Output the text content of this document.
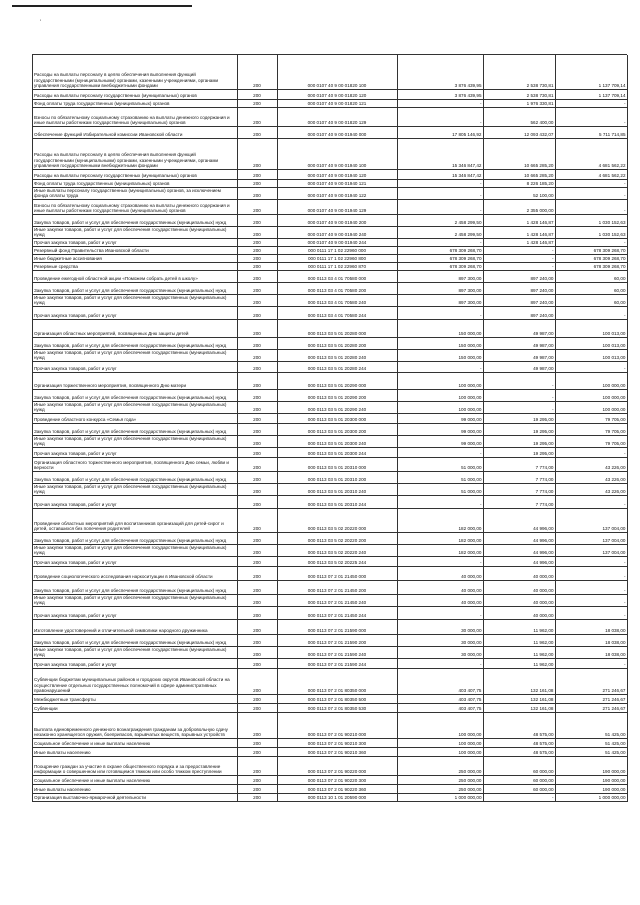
'
Расходы на выплаты персоналу в целях обеспечения выполнения функций государственными (муниципальными) органами, казенными учреждениями, органами управления государственными внебюджетными фондами	200	000 0107 40 9 00 01820 100	3 876 439,95	2 538 730,81	1 137 709,14
Расходы на выплаты персоналу государственных (муниципальных) органов	200	000 0107 40 9 00 01820 120	3 876 439,95	2 538 730,81	1 137 709,14
Фонд оплаты труда государственных (муниципальных) органов	200	000 0107 40 9 00 01820 121	-	1 976 330,81	-
Взносы по обязательному социальному страхованию на выплаты денежного содержания и иные выплаты работникам государственных (муниципальных) органов	200	000 0107 40 9 00 01820 129	-	562 400,00	-
Обеспечение функций Избирательной комиссии Ивановской области	200	000 0107 40 9 00 01940 000	17 805 146,92	12 093 432,07	5 711 714,85
Расходы на выплаты персоналу в целях обеспечения выполнения функций государственными (муниципальными) органами, казенными учреждениями, органами управления государственными внебюджетными фондами	200	000 0107 40 9 00 01940 100	15 346 847,42	10 665 285,20	4 681 562,22
Расходы на выплаты персоналу государственных (муниципальных) органов	200	000 0107 40 9 00 01940 120	15 346 847,42	10 665 285,20	4 681 562,22
Фонд оплаты труда государственных (муниципальных) органов	200	000 0107 40 9 00 01940 121	-	8 226 185,20	-
Иные выплаты персоналу государственных (муниципальных) органов, за исключением фонда оплаты труда	200	000 0107 40 9 00 01940 122	-	52 100,00	-
Взносы по обязательному социальному страхованию на выплаты денежного содержания и иные выплаты работникам государственных (муниципальных) органов	200	000 0107 40 9 00 01940 129	-	2 355 000,00	-
Закупка товаров, работ и услуг для обеспечения государственных (муниципальных) нужд	200	000 0107 40 9 00 01940 200	2 458 299,50	1 428 146,87	1 030 152,63
Иные закупки товаров, работ и услуг для обеспечения государственных (муниципальных) нужд	200	000 0107 40 9 00 01940 240	2 458 299,50	1 428 146,87	1 030 152,63
Прочая закупка товаров, работ и услуг	200	000 0107 40 9 00 01940 244	-	1 428 146,87	-
Резервный фонд Правительства Ивановской области	200	000 0111 17 1 02 22960 000	678 309 268,70	-	678 309 268,70
Иные бюджетные ассигнования	200	000 0111 17 1 02 22960 800	678 309 268,70	-	678 309 268,70
Резервные средства	200	000 0111 17 1 02 22960 870	678 309 268,70	-	678 309 268,70
Проведение ежегодной областной акции «Поможем собрать детей в школу»	200	000 0113 03 4 01 70580 000	897 300,00	897 240,00	60,00
Закупка товаров, работ и услуг для обеспечения государственных (муниципальных) нужд	200	000 0113 03 4 01 70580 200	897 300,00	897 240,00	60,00
Иные закупки товаров, работ и услуг для обеспечения государственных (муниципальных) нужд	200	000 0113 03 4 01 70580 240	897 300,00	897 240,00	60,00
Прочая закупка товаров, работ и услуг	200	000 0113 03 4 01 70580 244	-	897 240,00	-
Организация областных мероприятий, посвященных Дню защиты детей	200	000 0113 03 5 01 20280 000	150 000,00	49 987,00	100 013,00
Закупка товаров, работ и услуг для обеспечения государственных (муниципальных) нужд	200	000 0113 03 5 01 20280 200	150 000,00	49 987,00	100 013,00
Иные закупки товаров, работ и услуг для обеспечения государственных (муниципальных) нужд	200	000 0113 03 5 01 20280 240	150 000,00	49 987,00	100 013,00
Прочая закупка товаров, работ и услуг	200	000 0113 03 5 01 20280 244	-	49 987,00	-
Организация торжественного мероприятия, посвященного Дню матери	200	000 0113 03 5 01 20290 000	100 000,00	-	100 000,00
Закупка товаров, работ и услуг для обеспечения государственных (муниципальных) нужд	200	000 0113 03 5 01 20290 200	100 000,00	-	100 000,00
Иные закупки товаров, работ и услуг для обеспечения государственных (муниципальных) нужд	200	000 0113 03 5 01 20290 240	100 000,00	-	100 000,00
Проведение областного конкурса «Семья года»	200	000 0113 03 5 01 20300 000	99 000,00	19 295,00	79 705,00
Закупка товаров, работ и услуг для обеспечения государственных (муниципальных) нужд	200	000 0113 03 5 01 20300 200	99 000,00	19 295,00	79 705,00
Иные закупки товаров, работ и услуг для обеспечения государственных (муниципальных) нужд	200	000 0113 03 5 01 20300 240	99 000,00	19 295,00	79 705,00
Прочая закупка товаров, работ и услуг	200	000 0113 03 5 01 20300 244	-	19 295,00	-
Организация областного торжественного мероприятия, посвященного Дню семьи, любви и верности	200	000 0113 03 5 01 20310 000	51 000,00	7 774,00	43 226,00
Закупка товаров, работ и услуг для обеспечения государственных (муниципальных) нужд	200	000 0113 03 5 01 20310 200	51 000,00	7 774,00	43 226,00
Иные закупки товаров, работ и услуг для обеспечения государственных (муниципальных) нужд	200	000 0113 03 5 01 20310 240	51 000,00	7 774,00	43 226,00
Прочая закупка товаров, работ и услуг	200	000 0113 03 5 01 20310 244	-	7 774,00	-
Проведение областных мероприятий для воспитанников организаций для детей-сирот и детей, оставшихся без попечения родителей	200	000 0113 03 5 02 20220 000	182 000,00	44 996,00	137 004,00
Закупка товаров, работ и услуг для обеспечения государственных (муниципальных) нужд	200	000 0113 03 5 02 20220 200	182 000,00	44 996,00	137 004,00
Иные закупки товаров, работ и услуг для обеспечения государственных (муниципальных) нужд	200	000 0113 03 5 02 20220 240	182 000,00	44 996,00	137 004,00
Прочая закупка товаров, работ и услуг	200	000 0113 03 5 02 20225 244	-	44 996,00	-
Проведение социологического исследования наркоситуации в Ивановской области	200	000 0113 07 2 01 21450 000	40 000,00	40 000,00	-
Закупка товаров, работ и услуг для обеспечения государственных (муниципальных) нужд	200	000 0113 07 2 01 21450 200	40 000,00	40 000,00	-
Иные закупки товаров, работ и услуг для обеспечения государственных (муниципальных) нужд	200	000 0113 07 2 01 21450 240	40 000,00	40 000,00	-
Прочая закупка товаров, работ и услуг	200	000 0113 07 2 01 21450 244	-	40 000,00	-
Изготовление удостоверений и отличительной символики народного дружинника	200	000 0113 07 2 01 21590 000	30 000,00	11 962,00	18 038,00
Закупка товаров, работ и услуг для обеспечения государственных (муниципальных) нужд	200	000 0113 07 2 01 21590 200	30 000,00	11 962,00	18 038,00
Иные закупки товаров, работ и услуг для обеспечения государственных (муниципальных) нужд	200	000 0113 07 2 01 21590 240	30 000,00	11 962,00	18 038,00
Прочая закупка товаров, работ и услуг	200	000 0113 07 2 01 21590 244	-	11 962,00	-
Субвенции бюджетам муниципальных районов и городских округов Ивановской области на осуществление отдельных государственных полномочий в сфере административных правонарушений	200	000 0113 07 2 01 80350 000	403 407,75	132 161,08	271 246,67
Межбюджетные трансферты	200	000 0113 07 2 01 80350 500	403 407,75	132 161,08	271 246,67
Субвенции	200	000 0113 07 2 01 80350 530	403 407,75	132 161,08	271 246,67
Выплата единовременного денежного вознаграждения гражданам за добровольную сдачу незаконно хранящегося оружия, боеприпасов, взрывчатых веществ, взрывных устройств	200	000 0113 07 2 01 90210 000	100 000,00	48 575,00	51 425,00
Социальное обеспечение и иные выплаты населению	200	000 0113 07 2 01 90210 300	100 000,00	48 575,00	51 425,00
Иные выплаты населению	200	000 0113 07 2 01 90210 360	100 000,00	48 575,00	51 425,00
Поощрение граждан за участие в охране общественного порядка и за предоставление информации о совершенном или готовящемся тяжком или особо тяжком преступлении	200	000 0113 07 2 01 90220 000	250 000,00	60 000,00	190 000,00
Социальное обеспечение и иные выплаты населению	200	000 0113 07 2 01 90220 300	250 000,00	60 000,00	190 000,00
Иные выплаты населению	200	000 0113 07 2 01 90220 360	250 000,00	60 000,00	190 000,00
Организация выставочно-ярмарочной деятельности	200	000 0113 10 1 01 20590 000	1 000 000,00	-	1 000 000,00
